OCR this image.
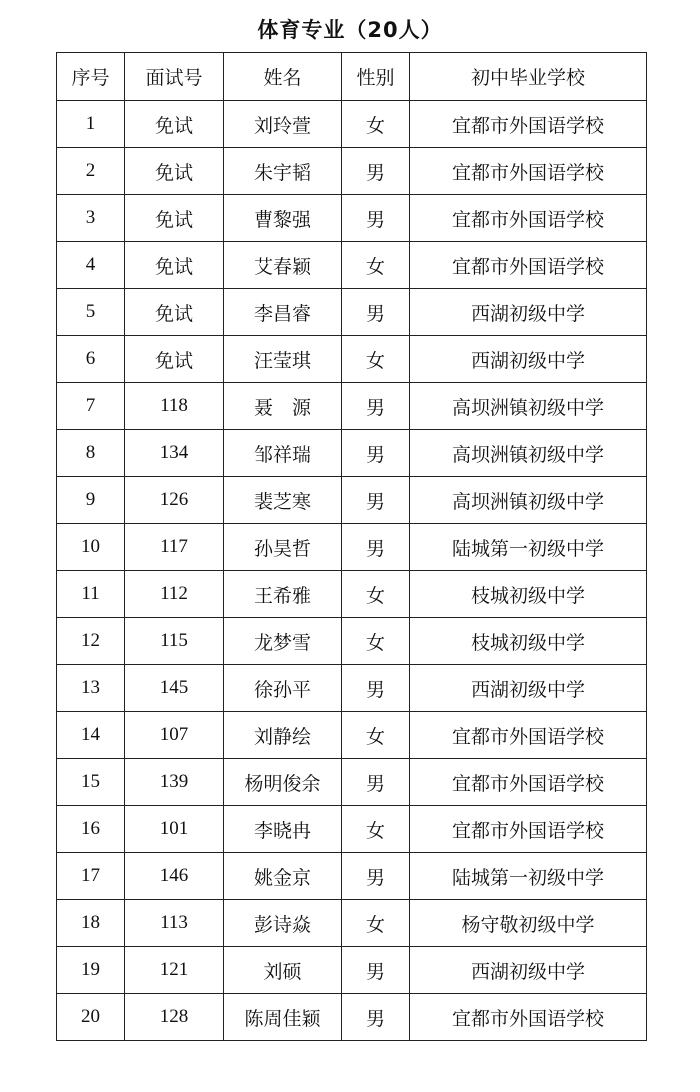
体育专业（20人）
序号	面试号	姓名	性别	初中毕业学校
1	免试	刘玲萱	女	宜都市外国语学校
2	免试	朱宇韬	男	宜都市外国语学校
3	免试	曹黎强	男	宜都市外国语学校
4	免试	艾春颖	女	宜都市外国语学校
5	免试	李昌睿	男	西湖初级中学
6	免试	汪莹琪	女	西湖初级中学
7	118	聂　源	男	高坝洲镇初级中学
8	134	邹祥瑞	男	高坝洲镇初级中学
9	126	裴芝寒	男	高坝洲镇初级中学
10	117	孙昊哲	男	陆城第一初级中学
11	112	王希雅	女	枝城初级中学
12	115	龙梦雪	女	枝城初级中学
13	145	徐孙平	男	西湖初级中学
14	107	刘静绘	女	宜都市外国语学校
15	139	杨明俊余	男	宜都市外国语学校
16	101	李晓冉	女	宜都市外国语学校
17	146	姚金京	男	陆城第一初级中学
18	113	彭诗焱	女	杨守敬初级中学
19	121	刘硕	男	西湖初级中学
20	128	陈周佳颖	男	宜都市外国语学校
